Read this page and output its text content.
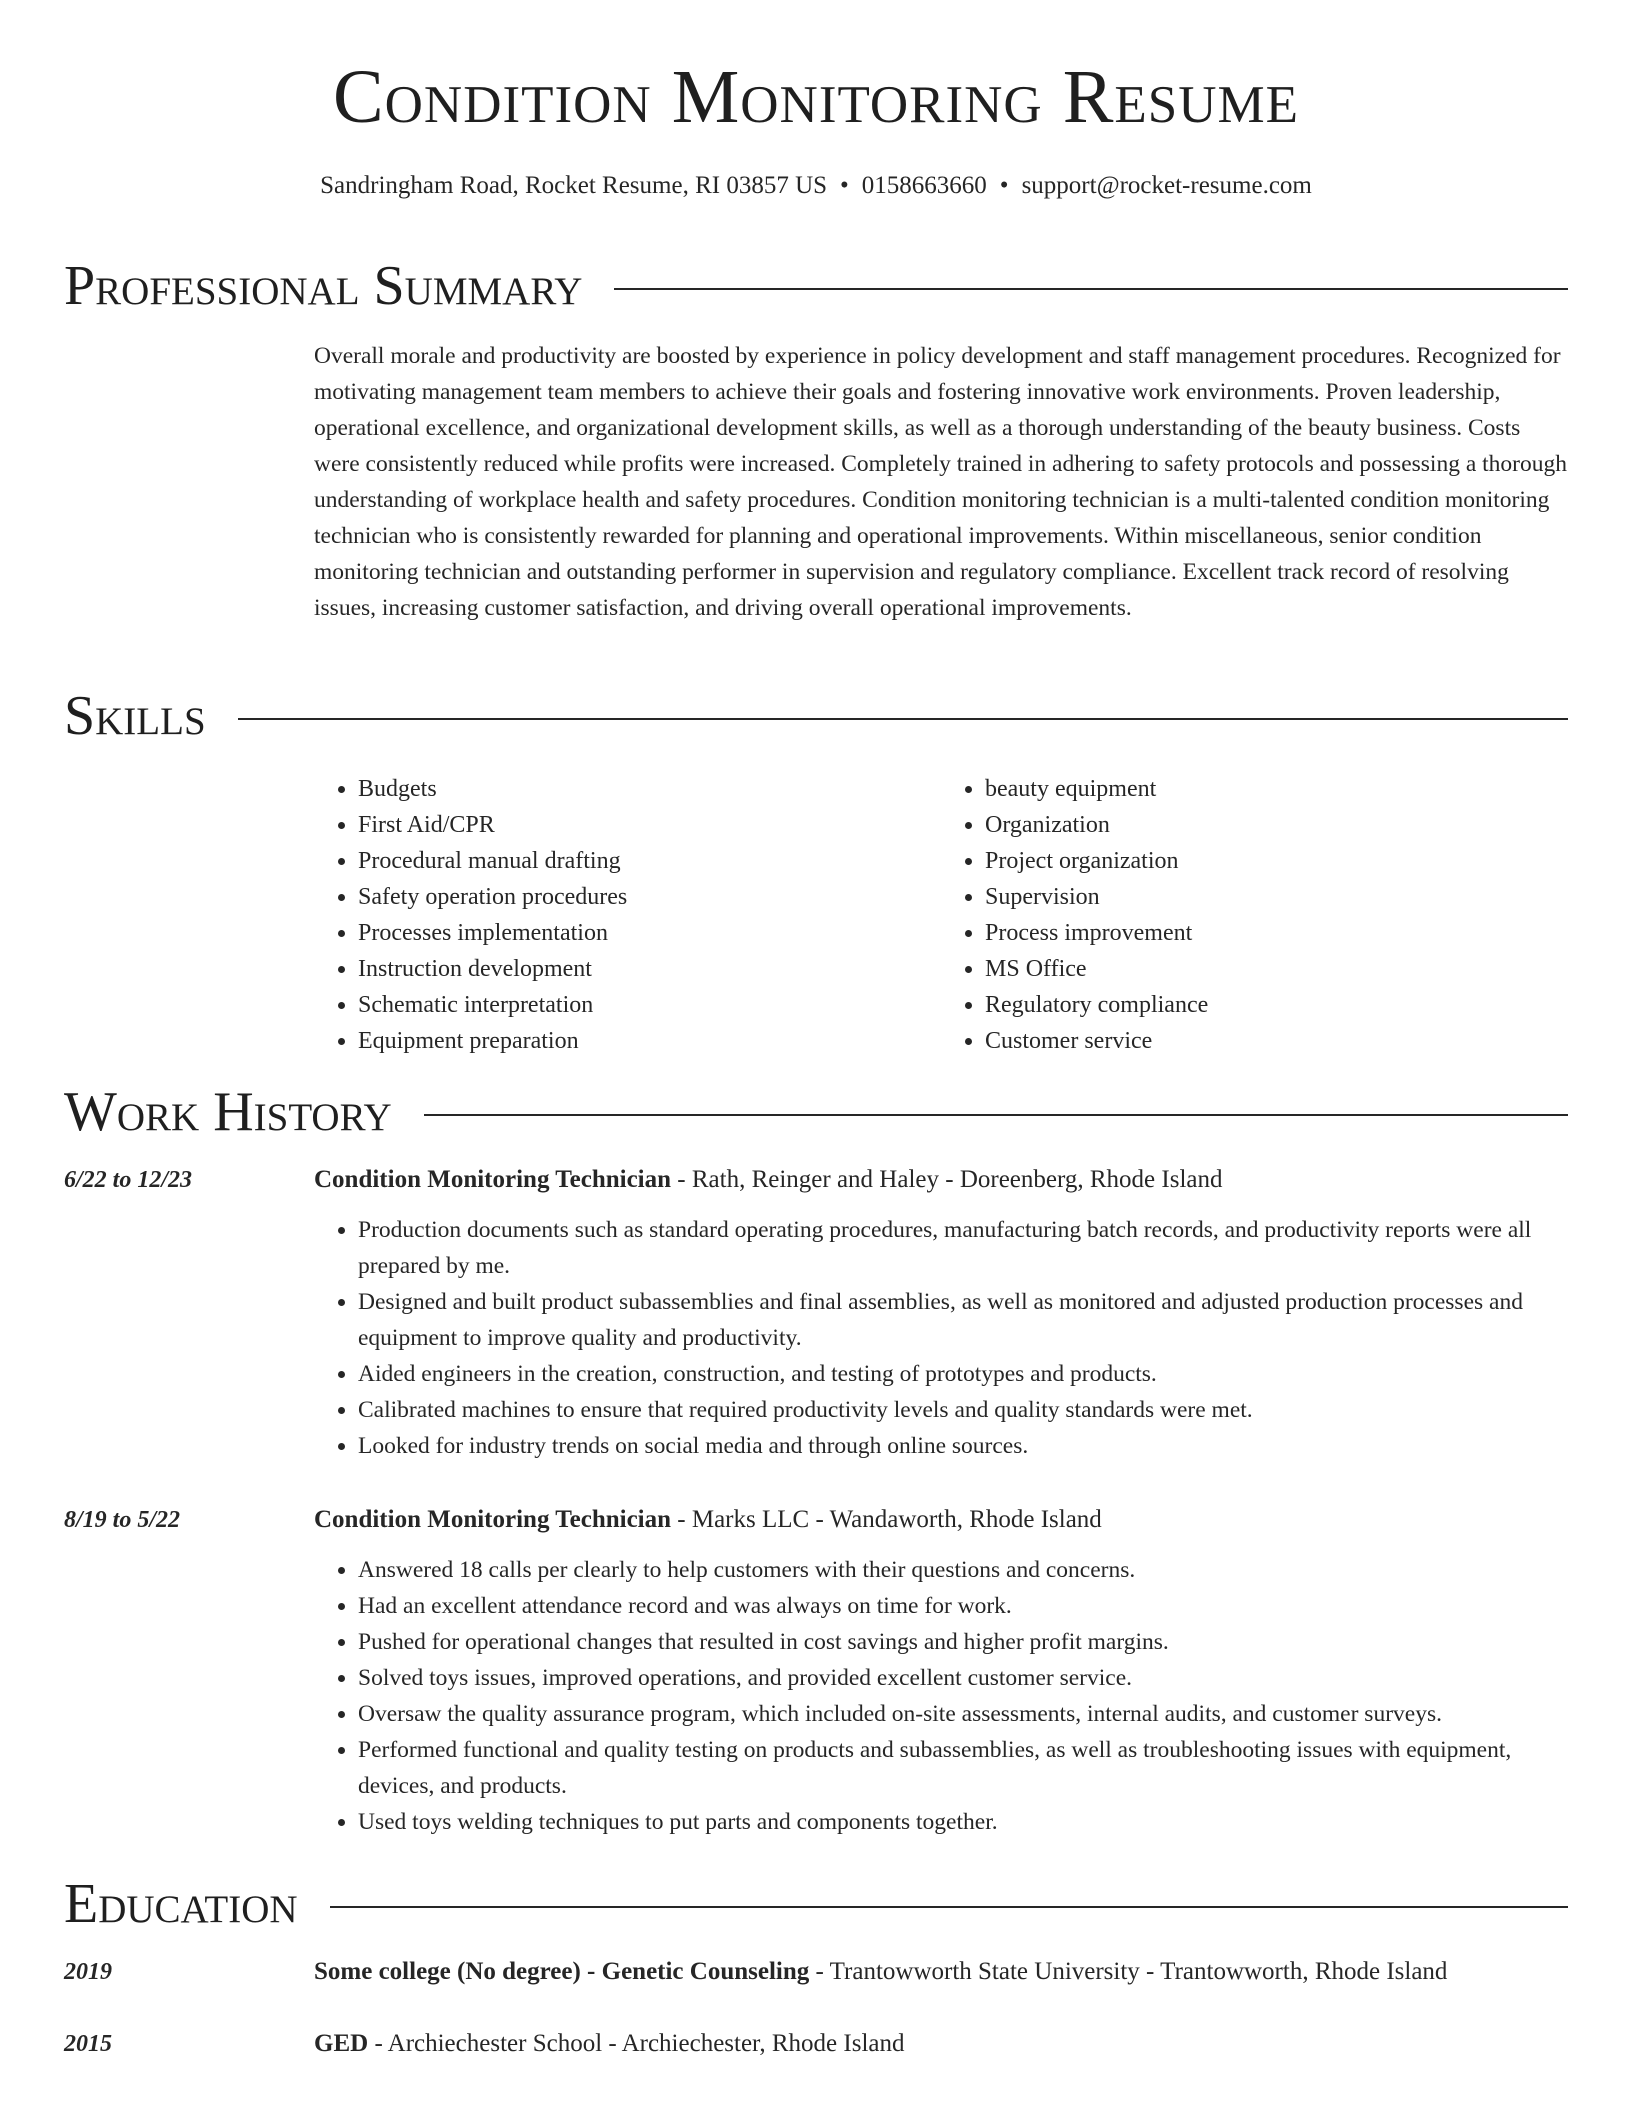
Condition Monitoring Resume
Sandringham Road, Rocket Resume, RI 03857 US • 0158663660 • support@rocket-resume.com
Professional Summary

Overall morale and productivity are boosted by experience in policy development and staff management procedures. Recognized for motivating management team members to achieve their goals and fostering innovative work environments. Proven leadership, operational excellence, and organizational development skills, as well as a thorough understanding of the beauty business. Costs were consistently reduced while profits were increased. Completely trained in adhering to safety protocols and possessing a thorough understanding of workplace health and safety procedures. Condition monitoring technician is a multi-talented condition monitoring technician who is consistently rewarded for planning and operational improvements. Within miscellaneous, senior condition monitoring technician and outstanding performer in supervision and regulatory compliance. Excellent track record of resolving issues, increasing customer satisfaction, and driving overall operational improvements.

Skills
• Budgets
• First Aid/CPR
• Procedural manual drafting
• Safety operation procedures
• Processes implementation
• Instruction development
• Schematic interpretation
• Equipment preparation
• beauty equipment
• Organization
• Project organization
• Supervision
• Process improvement
• MS Office
• Regulatory compliance
• Customer service
Work History
6/22 to 12/23	Condition Monitoring Technician - Rath, Reinger and Haley - Doreenberg, Rhode Island
• Production documents such as standard operating procedures, manufacturing batch records, and productivity reports were all prepared by me.
• Designed and built product subassemblies and final assemblies, as well as monitored and adjusted production processes and equipment to improve quality and productivity.
• Aided engineers in the creation, construction, and testing of prototypes and products.
• Calibrated machines to ensure that required productivity levels and quality standards were met.
• Looked for industry trends on social media and through online sources.
8/19 to 5/22	Condition Monitoring Technician - Marks LLC - Wandaworth, Rhode Island
• Answered 18 calls per clearly to help customers with their questions and concerns.
• Had an excellent attendance record and was always on time for work.
• Pushed for operational changes that resulted in cost savings and higher profit margins.
• Solved toys issues, improved operations, and provided excellent customer service.
• Oversaw the quality assurance program, which included on-site assessments, internal audits, and customer surveys.
• Performed functional and quality testing on products and subassemblies, as well as troubleshooting issues with equipment, devices, and products.
• Used toys welding techniques to put parts and components together.
Education
2019	Some college (No degree) - Genetic Counseling - Trantowworth State University - Trantowworth, Rhode Island
2015	GED - Archiechester School - Archiechester, Rhode Island
